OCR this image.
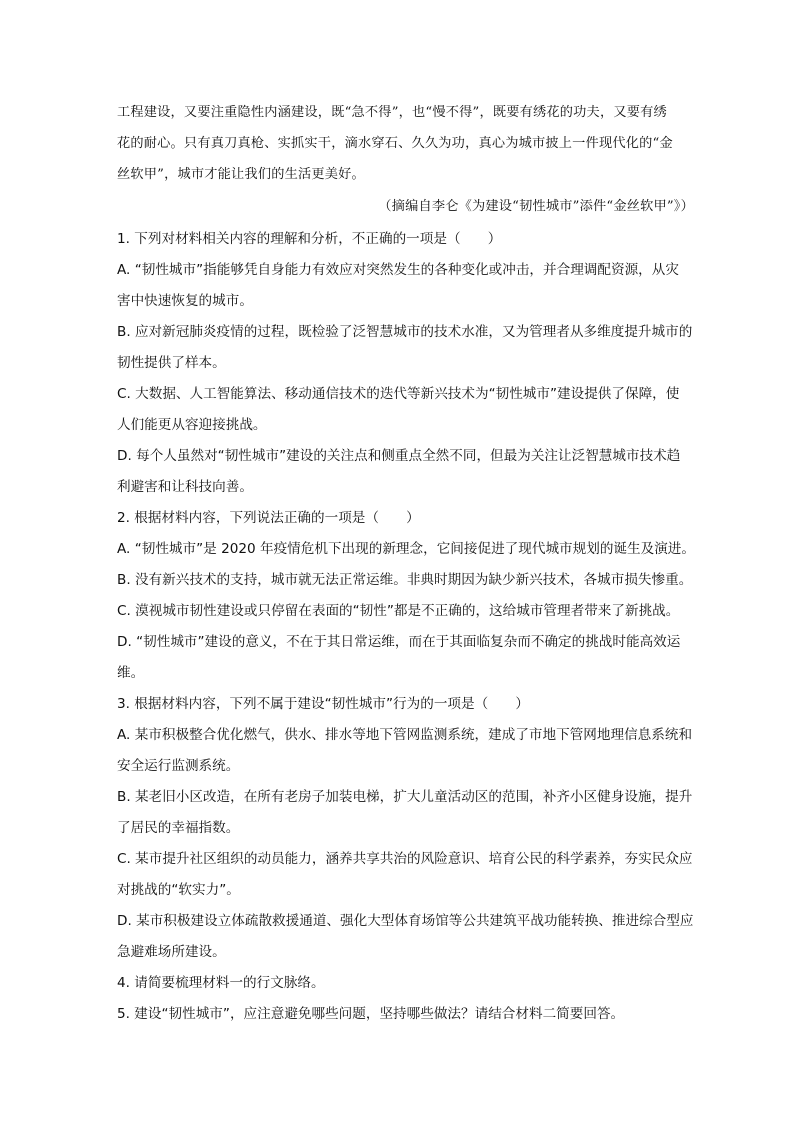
工程建设，又要注重隐性内涵建设，既“急不得”，也“慢不得”，既要有绣花的功夫，又要有绣
花的耐心。只有真刀真枪、实抓实干，滴水穿石、久久为功，真心为城市披上一件现代化的“金
丝软甲”，城市才能让我们的生活更美好。
（摘编自李仑《为建设“韧性城市”添件“金丝软甲”》）
1. 下列对材料相关内容的理解和分析，不正确的一项是（　　）
A. “韧性城市”指能够凭自身能力有效应对突然发生的各种变化或冲击，并合理调配资源，从灾
害中快速恢复的城市。
B. 应对新冠肺炎疫情的过程，既检验了泛智慧城市的技术水准，又为管理者从多维度提升城市的
韧性提供了样本。
C. 大数据、人工智能算法、移动通信技术的迭代等新兴技术为“韧性城市”建设提供了保障，使
人们能更从容迎接挑战。
D. 每个人虽然对“韧性城市”建设的关注点和侧重点全然不同，但最为关注让泛智慧城市技术趋
利避害和让科技向善。
2. 根据材料内容，下列说法正确的一项是（　　）
A. “韧性城市”是 2020 年疫情危机下出现的新理念，它间接促进了现代城市规划的诞生及演进。
B. 没有新兴技术的支持，城市就无法正常运维。非典时期因为缺少新兴技术，各城市损失惨重。
C. 漠视城市韧性建设或只停留在表面的“韧性”都是不正确的，这给城市管理者带来了新挑战。
D. “韧性城市”建设的意义，不在于其日常运维，而在于其面临复杂而不确定的挑战时能高效运
维。
3. 根据材料内容，下列不属于建设“韧性城市”行为的一项是（　　）
A. 某市积极整合优化燃气，供水、排水等地下管网监测系统，建成了市地下管网地理信息系统和
安全运行监测系统。
B. 某老旧小区改造，在所有老房子加装电梯，扩大儿童活动区的范围，补齐小区健身设施，提升
了居民的幸福指数。
C. 某市提升社区组织的动员能力，涵养共享共治的风险意识、培育公民的科学素养，夯实民众应
对挑战的“软实力”。
D. 某市积极建设立体疏散救援通道、强化大型体育场馆等公共建筑平战功能转换、推进综合型应
急避难场所建设。
4. 请简要梳理材料一的行文脉络。
5. 建设“韧性城市”，应注意避免哪些问题，坚持哪些做法？请结合材料二简要回答。
